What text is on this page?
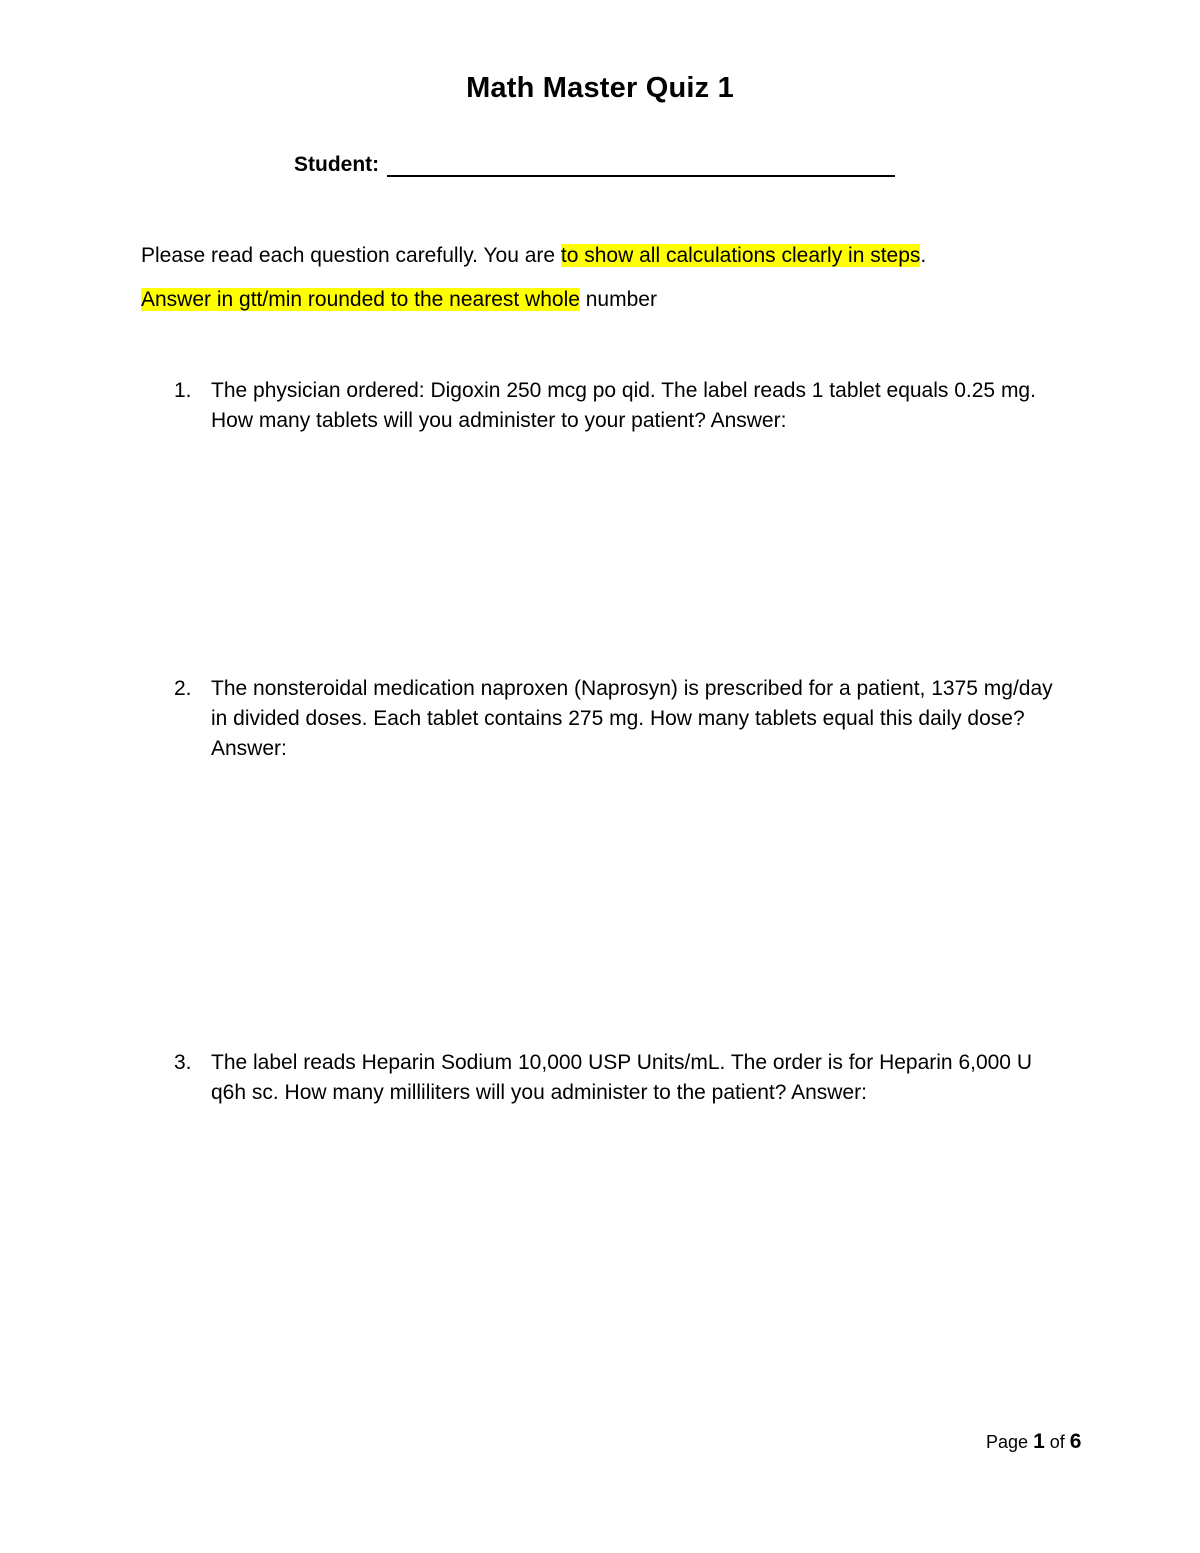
Math Master Quiz 1
Student:
Please read each question carefully. You are to show all calculations clearly in steps.
Answer in gtt/min rounded to the nearest whole number
1. The physician ordered: Digoxin 250 mcg po qid. The label reads 1 tablet equals 0.25 mg. How many tablets will you administer to your patient? Answer:
2. The nonsteroidal medication naproxen (Naprosyn) is prescribed for a patient, 1375 mg/day in divided doses. Each tablet contains 275 mg. How many tablets equal this daily dose? Answer:
3. The label reads Heparin Sodium 10,000 USP Units/mL. The order is for Heparin 6,000 U q6h sc. How many milliliters will you administer to the patient? Answer:
Page 1 of 6
